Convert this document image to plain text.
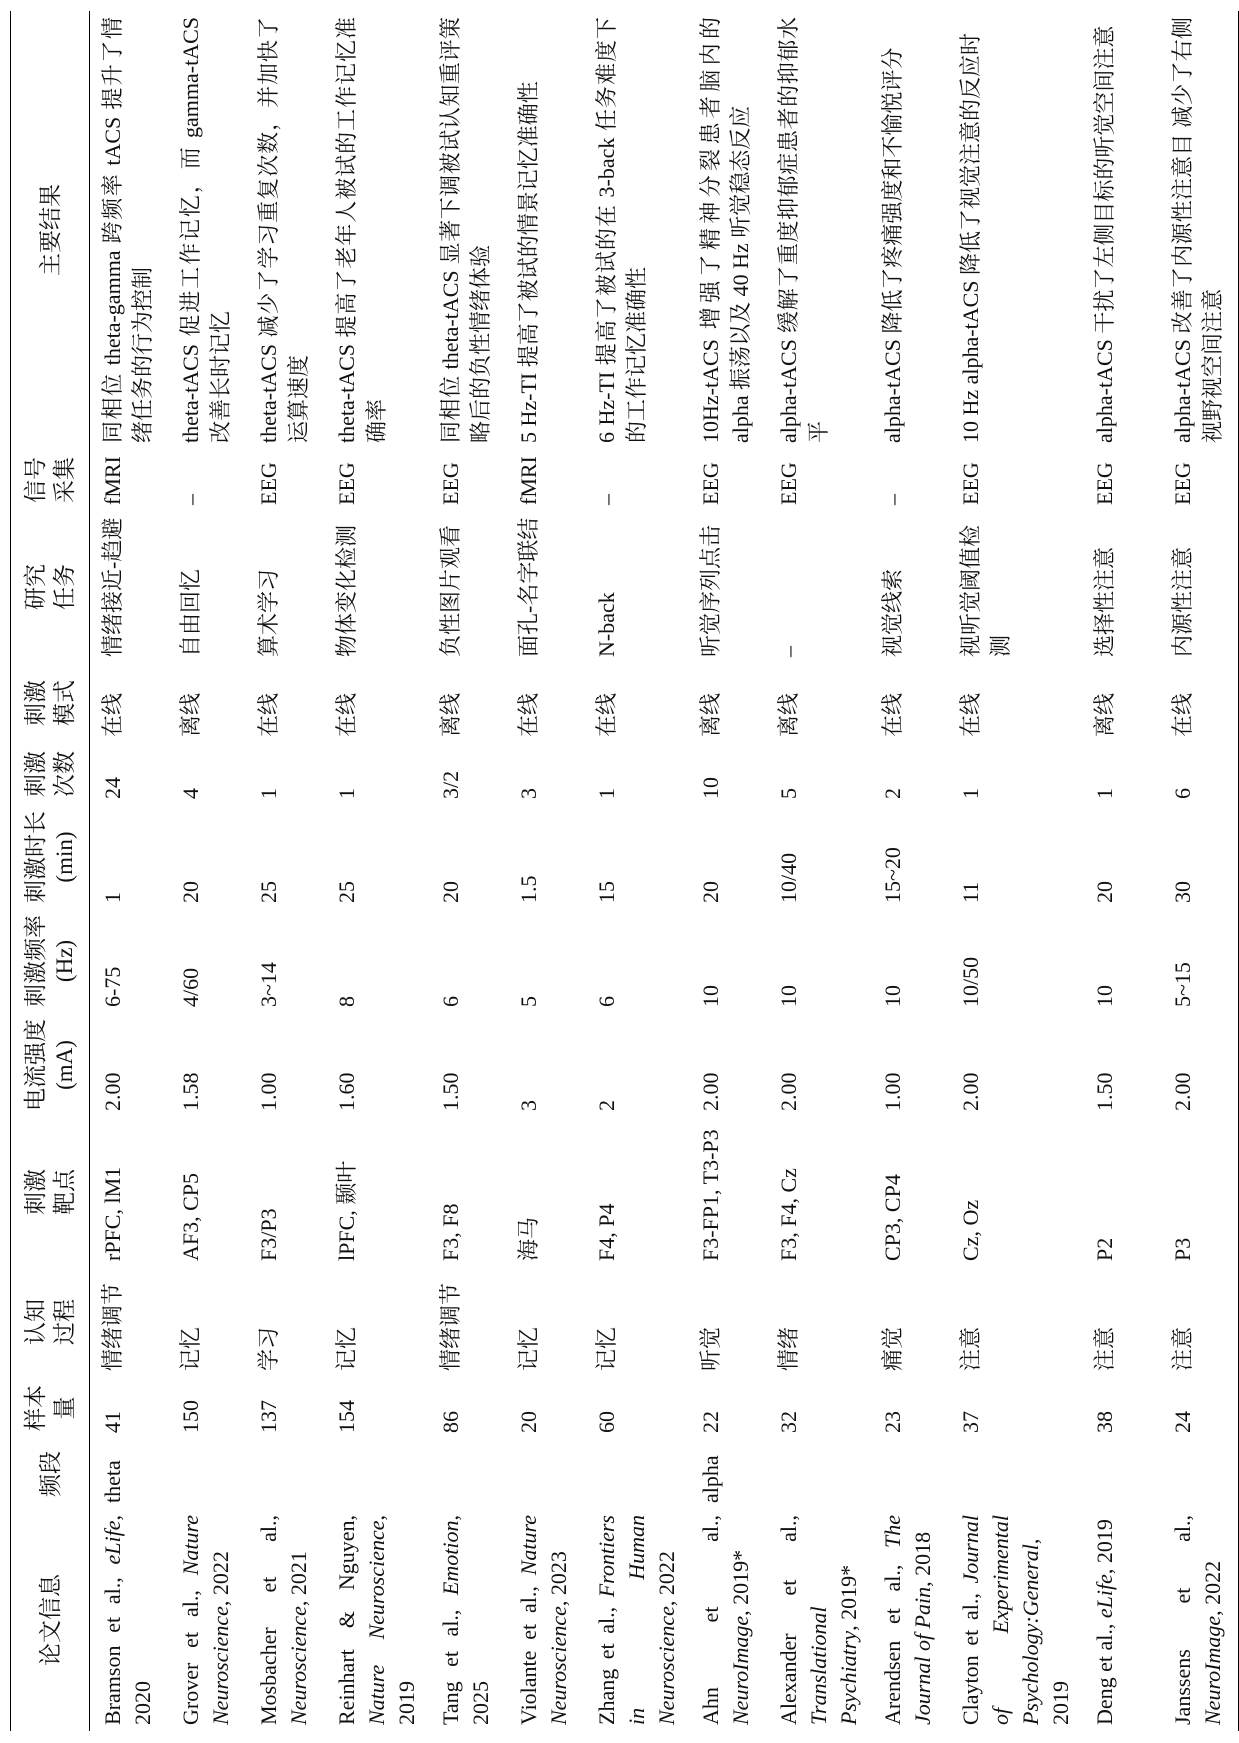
论文信息	频段	样本 量	认知 过程	刺激 靶点	电流强度 (mA)	刺激频率 (Hz)	刺激时长 (min)	刺激 次数	刺激 模式	研究 任务	信号 采集	主要结果
Bramson et al., eLife, 2020	theta	41	情绪调节	rPFC, lM1	2.00	6-75	1	24	在线	情绪接近-趋避	fMRI	同相位 theta-gamma 跨频率 tACS 提升了情绪任务的行为控制
Grover et al., Nature Neuroscience, 2022		150	记忆	AF3, CP5	1.58	4/60	20	4	离线	自由回忆	–	theta-tACS 促进工作记忆，而 gamma-tACS 改善长时记忆
Mosbacher et al., Neuroscience, 2021		137	学习	F3/P3	1.00	3~14	25	1	在线	算术学习	EEG	theta-tACS 减少了学习重复次数，并加快了运算速度
Reinhart & Nguyen, Nature Neuroscience, 2019		154	记忆	lPFC, 颞叶	1.60	8	25	1	在线	物体变化检测	EEG	theta-tACS 提高了老年人被试的工作记忆准确率
Tang et al., Emotion, 2025		86	情绪调节	F3, F8	1.50	6	20	3/2	离线	负性图片观看	EEG	同相位 theta-tACS 显著下调被试认知重评策略后的负性情绪体验
Violante et al., Nature Neuroscience, 2023		20	记忆	海马	3	5	1.5	3	在线	面孔-名字联结	fMRI	5 Hz-TI 提高了被试的情景记忆准确性
Zhang et al., Frontiers in Human Neuroscience, 2022		60	记忆	F4, P4	2	6	15	1	在线	N-back	–	6 Hz-TI 提高了被试的在 3-back 任务难度下的工作记忆准确性
Ahn et al., NeuroImage, 2019*	alpha	22	听觉	F3-FP1, T3-P3	2.00	10	20	10	离线	听觉序列点击	EEG	10Hz-tACS 增强了精神分裂患者脑内的 alpha 振荡以及 40 Hz 听觉稳态反应
Alexander et al., Translational Psychiatry, 2019*		32	情绪	F3, F4, Cz	2.00	10	10/40	5	离线	–	EEG	alpha-tACS 缓解了重度抑郁症患者的抑郁水平
Arendsen et al., The Journal of Pain, 2018		23	痛觉	CP3, CP4	1.00	10	15~20	2	在线	视觉线索	–	alpha-tACS 降低了疼痛强度和不愉悦评分
Clayton et al., Journal of Experimental Psychology:General, 2019		37	注意	Cz, Oz	2.00	10/50	11	1	在线	视听觉阈值检测	EEG	10 Hz alpha-tACS 降低了视觉注意的反应时
Deng et al., eLife, 2019		38	注意	P2	1.50	10	20	1	离线	选择性注意	EEG	alpha-tACS 干扰了左侧目标的听觉空间注意
Janssens et al., NeuroImage, 2022		24	注意	P3	2.00	5~15	30	6	在线	内源性注意	EEG	alpha-tACS 改善了内源性注意目 减少了右侧视野视空间注意
